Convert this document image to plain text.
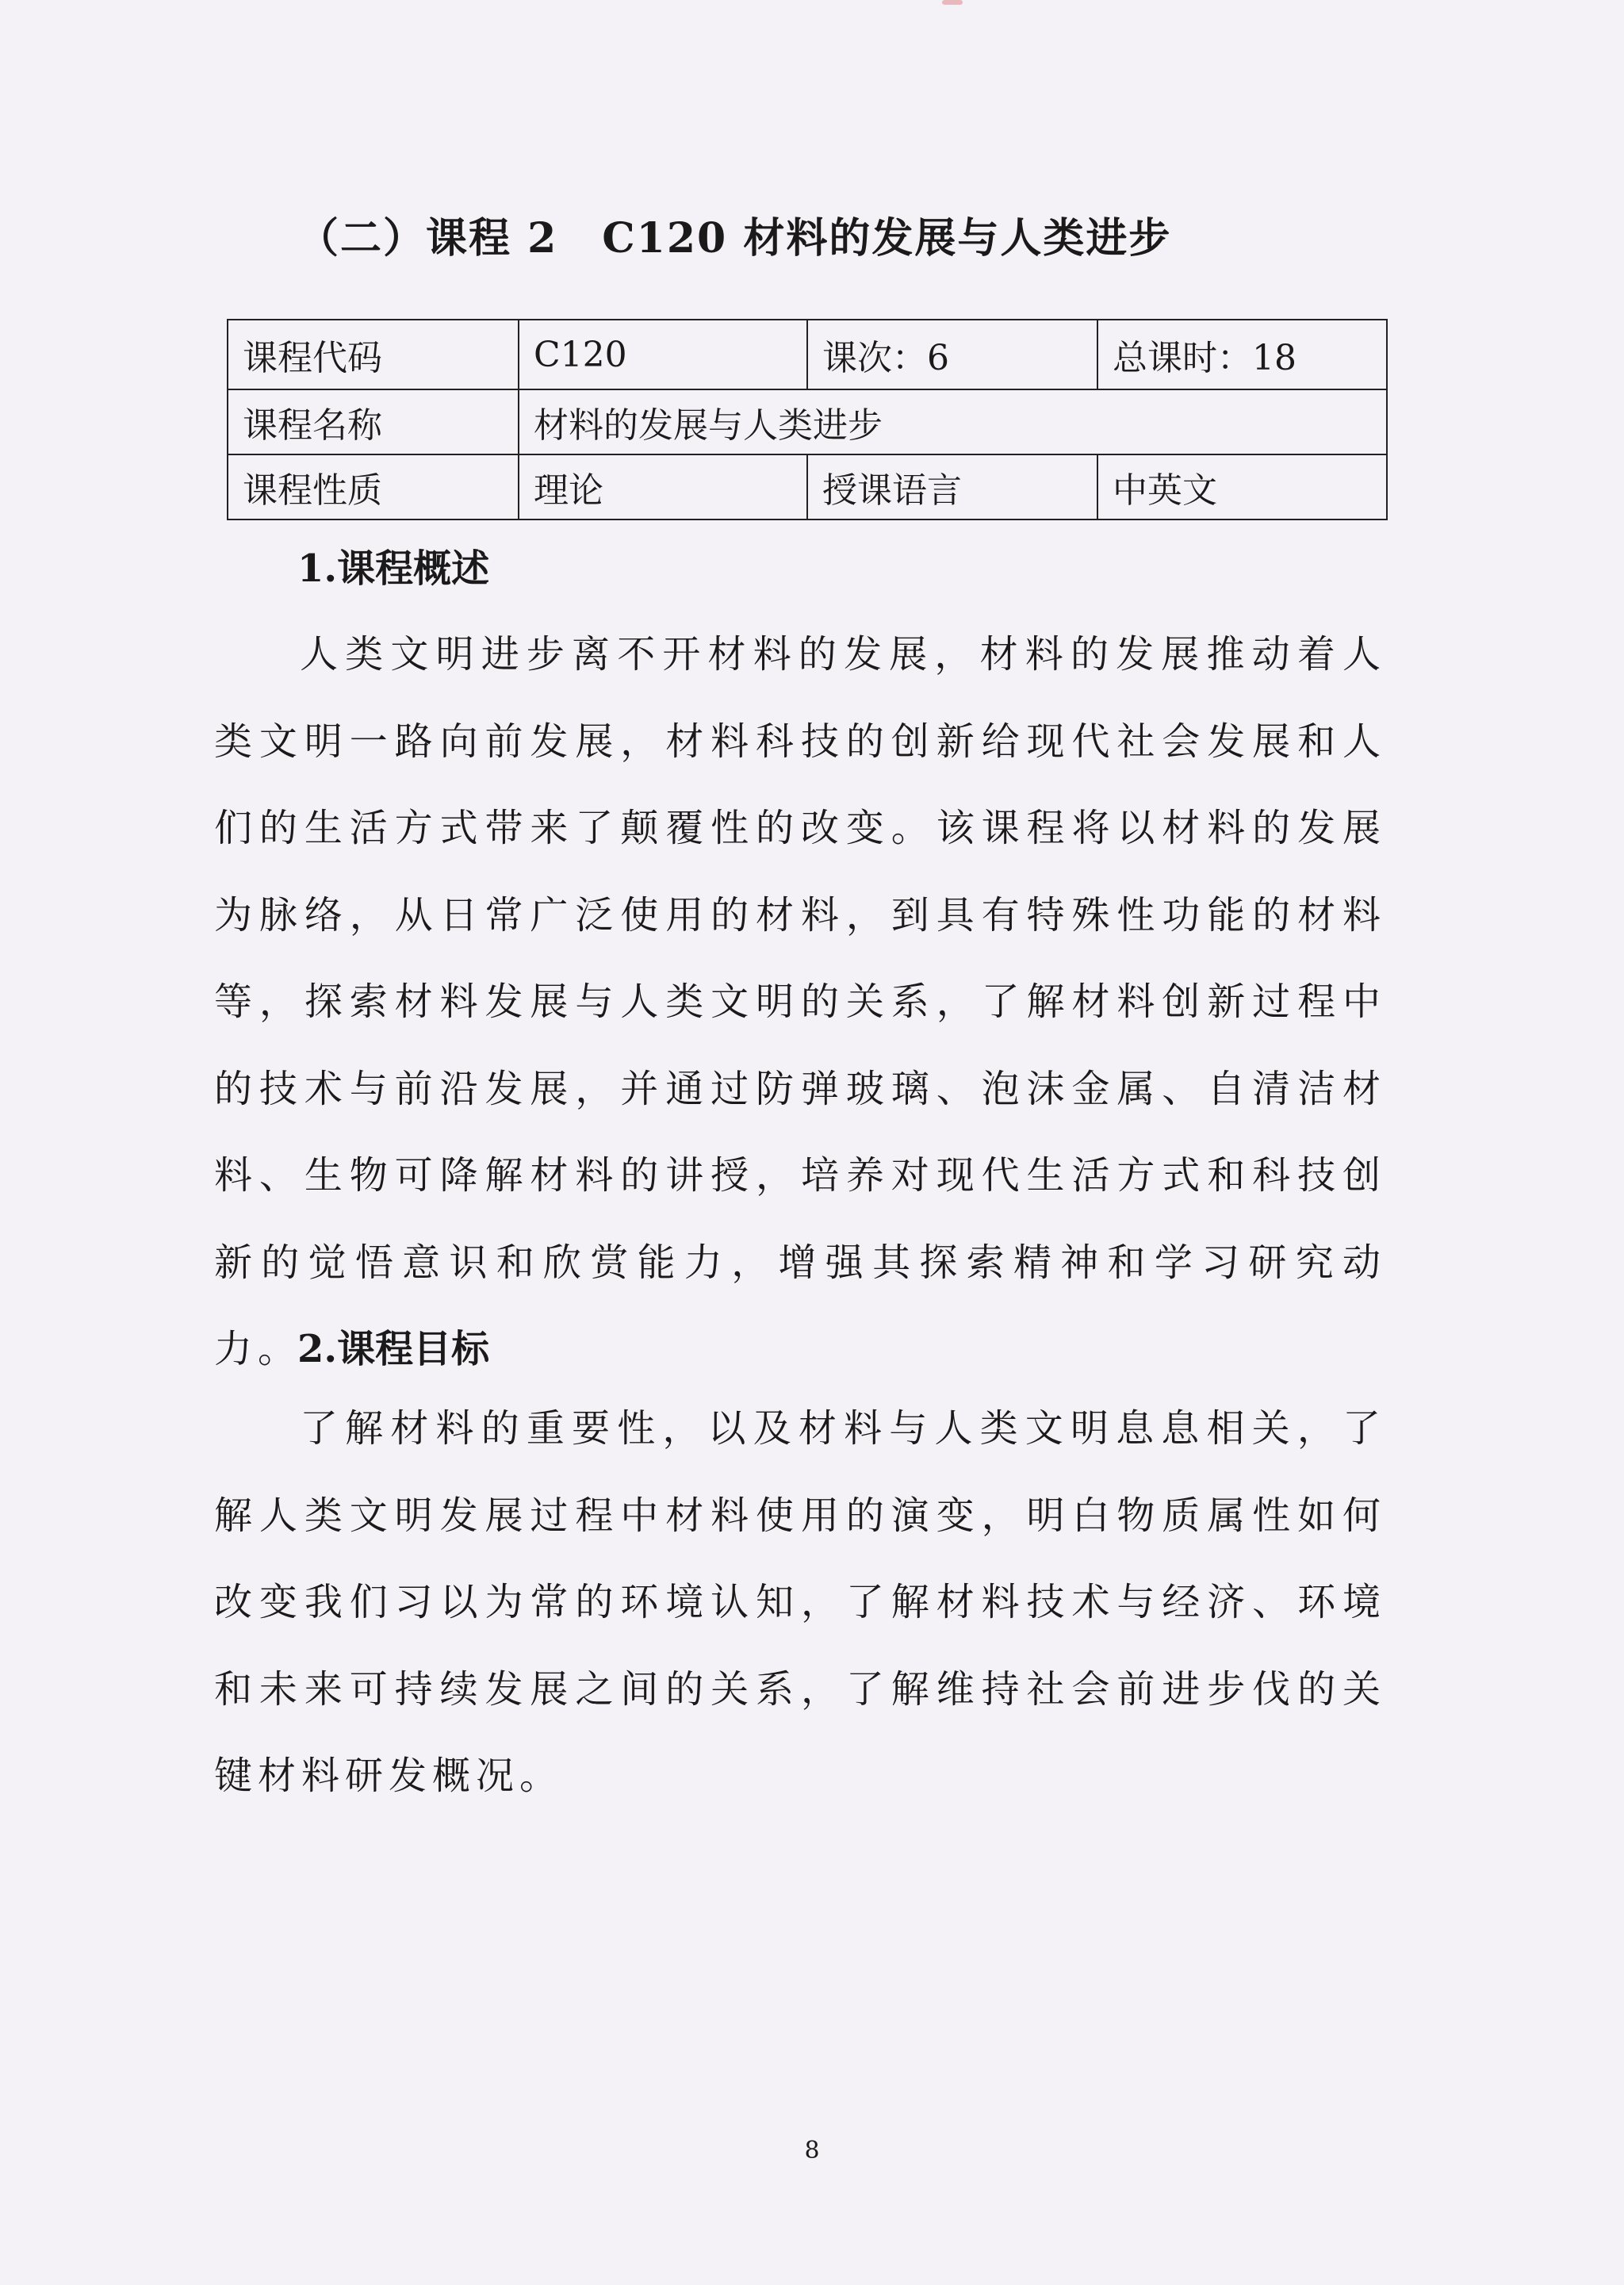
（二）课程 2 C120 材料的发展与人类进步
课程代码	C120	课次：6	总课时：18
课程名称	材料的发展与人类进步		
课程性质	理论	授课语言	中英文
1.课程概述
人类文明进步离不开材料的发展，材料的发展推动着人类文明一路向前发展，材料科技的创新给现代社会发展和人们的生活方式带来了颠覆性的改变。该课程将以材料的发展为脉络，从日常广泛使用的材料，到具有特殊性功能的材料等，探索材料发展与人类文明的关系，了解材料创新过程中的技术与前沿发展，并通过防弹玻璃、泡沫金属、自清洁材料、生物可降解材料的讲授，培养对现代生活方式和科技创新的觉悟意识和欣赏能力，增强其探索精神和学习研究动力。
2.课程目标
了解材料的重要性，以及材料与人类文明息息相关，了解人类文明发展过程中材料使用的演变，明白物质属性如何改变我们习以为常的环境认知，了解材料技术与经济、环境和未来可持续发展之间的关系，了解维持社会前进步伐的关键材料研发概况。
8
